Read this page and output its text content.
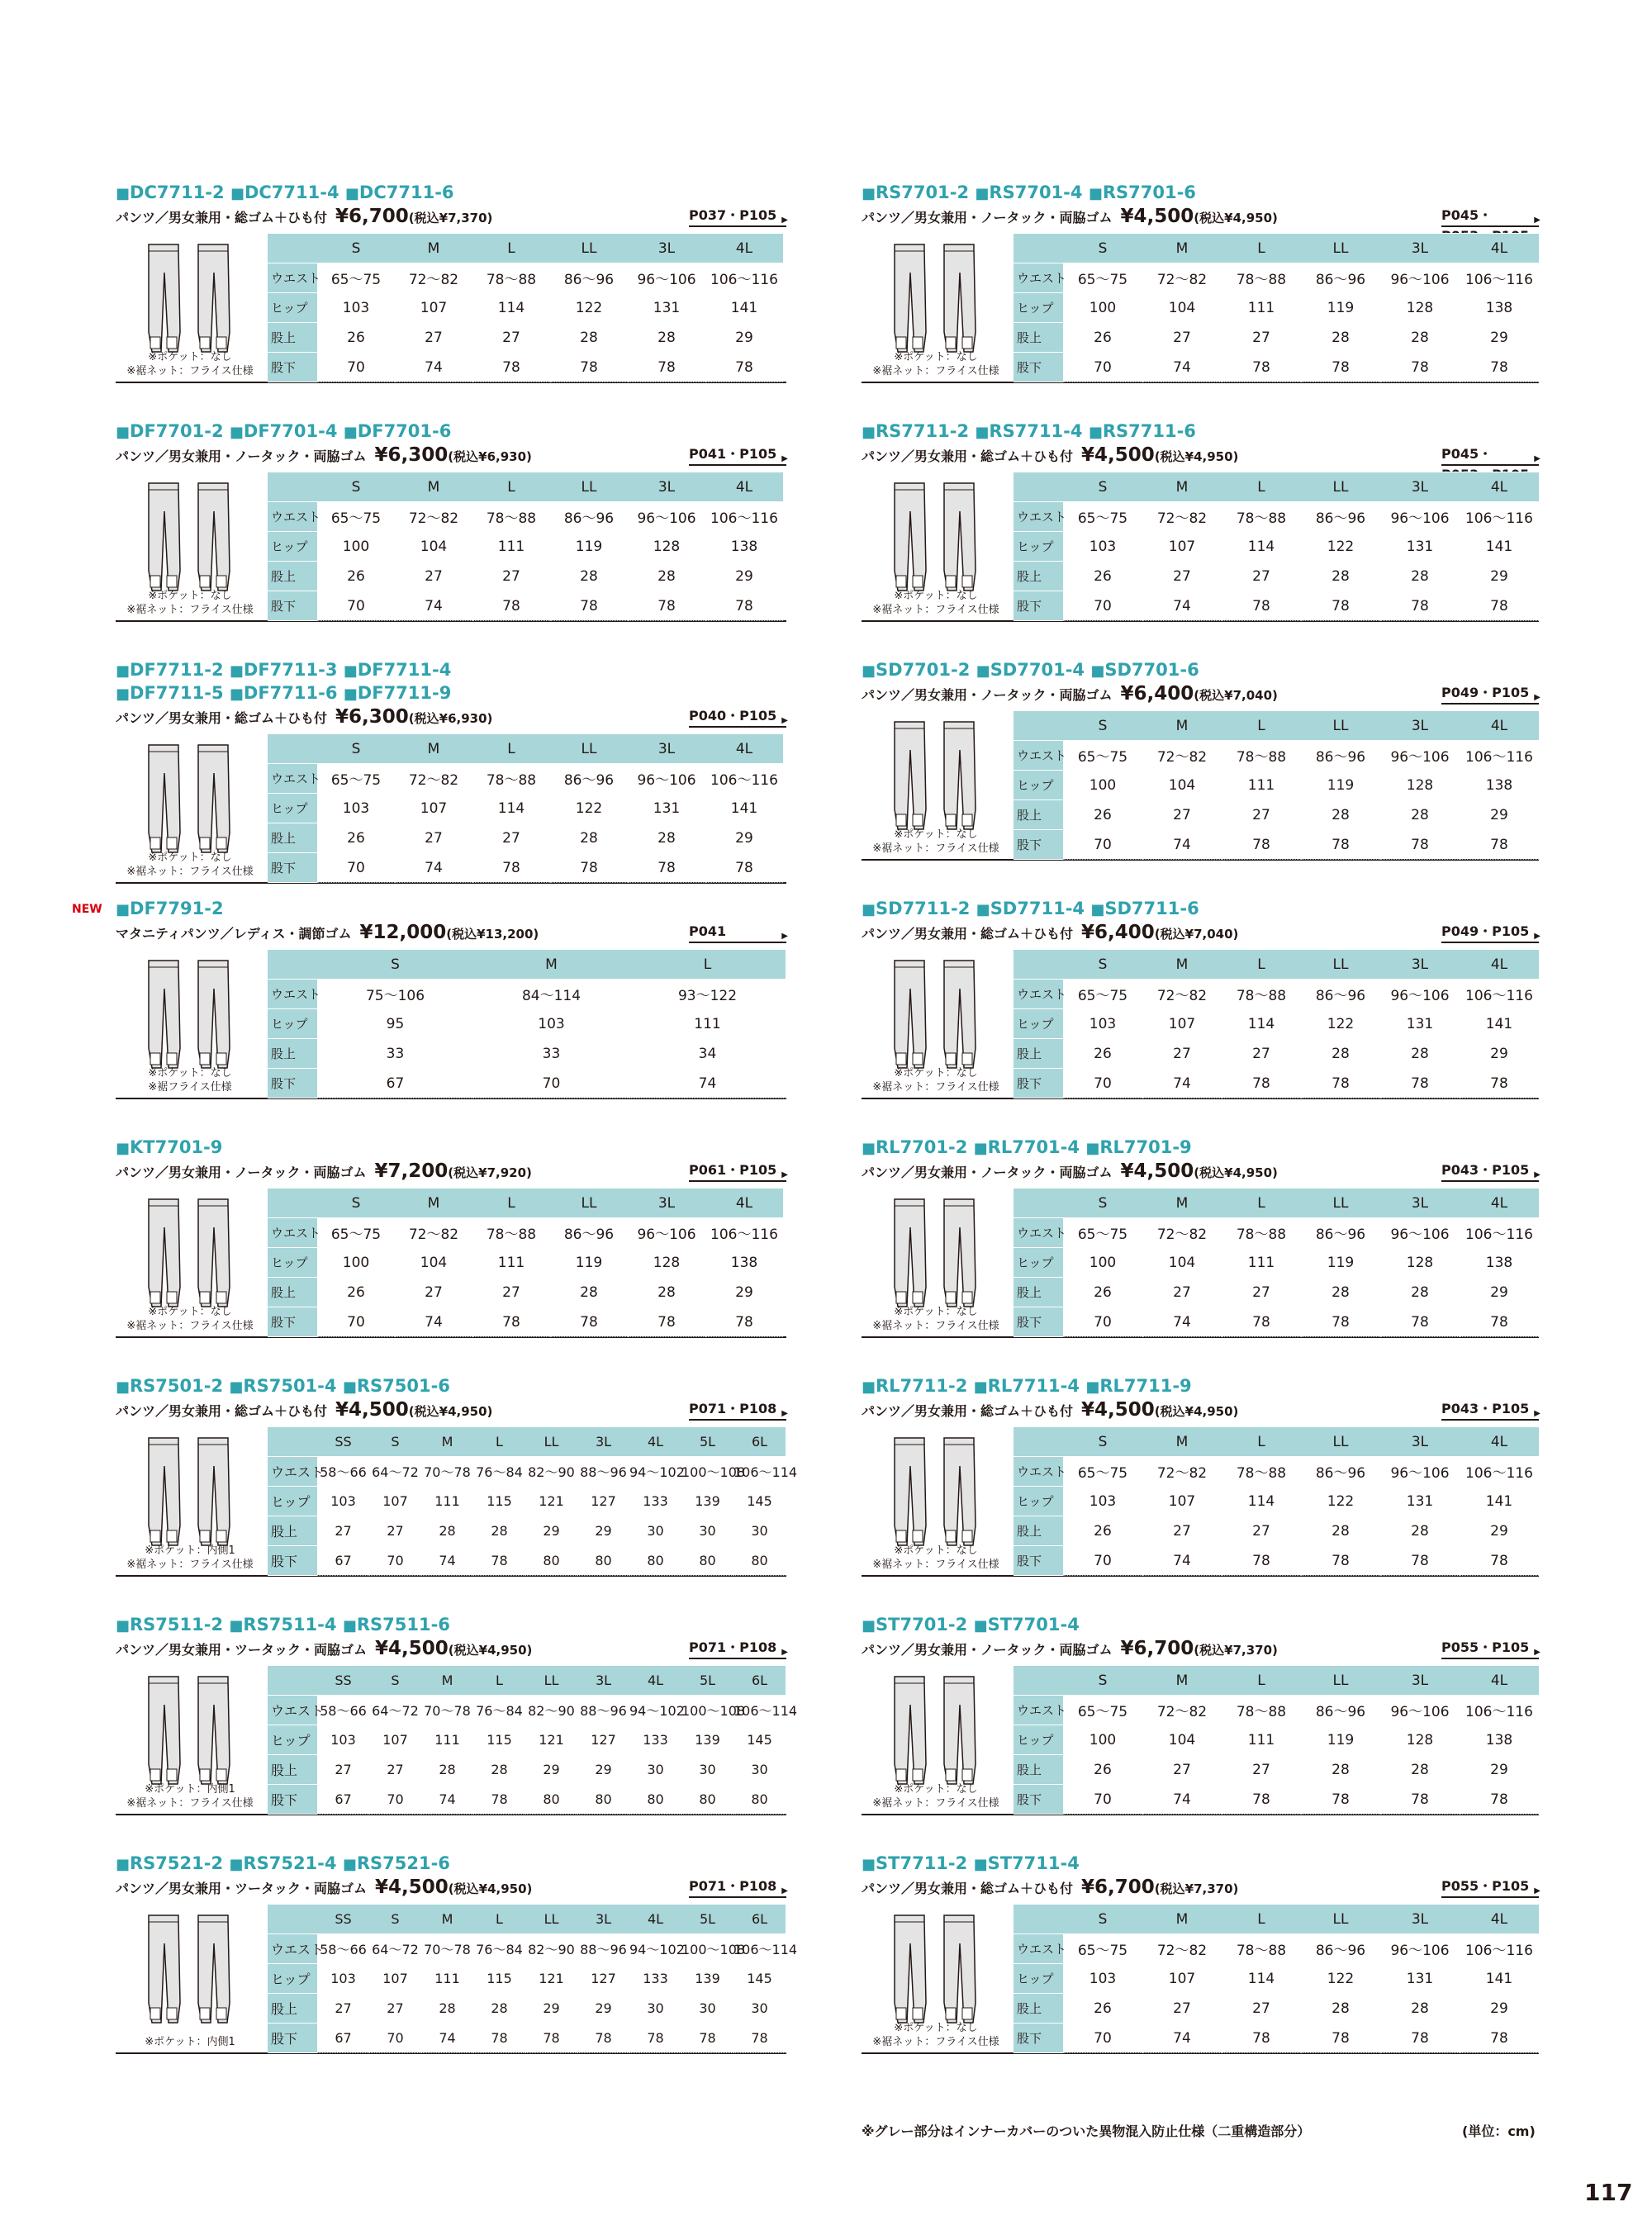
■DC7711-2 ■DC7711-4 ■DC7711-6
パンツ／男女兼用・総ゴム＋ひも付 ¥6,700(税込¥7,370)	P037・P105 ▶
※ポケット：なし
※裾ネット：フライス仕様
	S	M	L	LL	3L	4L
ウエスト	65～75	72～82	78～88	86～96	96～106	106～116
ヒップ	103	107	114	122	131	141
股上	26	27	27	28	28	29
股下	70	74	78	78	78	78
■DF7701-2 ■DF7701-4 ■DF7701-6
パンツ／男女兼用・ノータック・両脇ゴム ¥6,300(税込¥6,930)	P041・P105 ▶
※ポケット：なし
※裾ネット：フライス仕様
	S	M	L	LL	3L	4L
ウエスト	65～75	72～82	78～88	86～96	96～106	106～116
ヒップ	100	104	111	119	128	138
股上	26	27	27	28	28	29
股下	70	74	78	78	78	78
■DF7711-2 ■DF7711-3 ■DF7711-4
■DF7711-5 ■DF7711-6 ■DF7711-9
パンツ／男女兼用・総ゴム＋ひも付 ¥6,300(税込¥6,930)	P040・P105 ▶
※ポケット：なし
※裾ネット：フライス仕様
	S	M	L	LL	3L	4L
ウエスト	65～75	72～82	78～88	86～96	96～106	106～116
ヒップ	103	107	114	122	131	141
股上	26	27	27	28	28	29
股下	70	74	78	78	78	78
NEW ■DF7791-2
マタニティパンツ／レディス・調節ゴム ¥12,000(税込¥13,200)	P041	▶
※ポケット：なし
※裾フライス仕様
	S	M	L
ウエスト	75～106	84～114	93～122
ヒップ	95	103	111
股上	33	33	34
股下	67	70	74
■KT7701-9
パンツ／男女兼用・ノータック・両脇ゴム ¥7,200(税込¥7,920)	P061・P105 ▶
※ポケット：なし
※裾ネット：フライス仕様
	S	M	L	LL	3L	4L
ウエスト	65～75	72～82	78～88	86～96	96～106	106～116
ヒップ	100	104	111	119	128	138
股上	26	27	27	28	28	29
股下	70	74	78	78	78	78
■RS7501-2 ■RS7501-4 ■RS7501-6
パンツ／男女兼用・総ゴム＋ひも付 ¥4,500(税込¥4,950)	P071・P108 ▶
※ポケット：内側1
※裾ネット：フライス仕様
	SS	S	M	L	LL	3L	4L	5L	6L
ウエスト	58～66	64～72	70～78	76～84	82～90	88～96	94～102	100～108	106～114
ヒップ	103	107	111	115	121	127	133	139	145
股上	27	27	28	28	29	29	30	30	30
股下	67	70	74	78	80	80	80	80	80
■RS7511-2 ■RS7511-4 ■RS7511-6
パンツ／男女兼用・ツータック・両脇ゴム ¥4,500(税込¥4,950)	P071・P108 ▶
※ポケット：内側1
※裾ネット：フライス仕様
	SS	S	M	L	LL	3L	4L	5L	6L
ウエスト	58～66	64～72	70～78	76～84	82～90	88～96	94～102	100～108	106～114
ヒップ	103	107	111	115	121	127	133	139	145
股上	27	27	28	28	29	29	30	30	30
股下	67	70	74	78	80	80	80	80	80
■RS7521-2 ■RS7521-4 ■RS7521-6
パンツ／男女兼用・ツータック・両脇ゴム ¥4,500(税込¥4,950)	P071・P108 ▶
※ポケット：内側1
	SS	S	M	L	LL	3L	4L	5L	6L
ウエスト	58～66	64～72	70～78	76～84	82～90	88～96	94～102	100～108	106～114
ヒップ	103	107	111	115	121	127	133	139	145
股上	27	27	28	28	29	29	30	30	30
股下	67	70	74	78	78	78	78	78	78
■RS7701-2 ■RS7701-4 ■RS7701-6
パンツ／男女兼用・ノータック・両脇ゴム ¥4,500(税込¥4,950)	P045・	▶
※ポケット：なし
※裾ネット：フライス仕様
	S	M	L	LL	3L	4L
ウエスト	65～75	72～82	78～88	86～96	96～106	106～116
ヒップ	100	104	111	119	128	138
股上	26	27	27	28	28	29
股下	70	74	78	78	78	78
■RS7711-2 ■RS7711-4 ■RS7711-6
パンツ／男女兼用・総ゴム＋ひも付 ¥4,500(税込¥4,950)	P045・	▶
※ポケット：なし
※裾ネット：フライス仕様
	S	M	L	LL	3L	4L
ウエスト	65～75	72～82	78～88	86～96	96～106	106～116
ヒップ	103	107	114	122	131	141
股上	26	27	27	28	28	29
股下	70	74	78	78	78	78
■SD7701-2 ■SD7701-4 ■SD7701-6
パンツ／男女兼用・ノータック・両脇ゴム ¥6,400(税込¥7,040)	P049・P105 ▶
※ポケット：なし
※裾ネット：フライス仕様
	S	M	L	LL	3L	4L
ウエスト	65～75	72～82	78～88	86～96	96～106	106～116
ヒップ	100	104	111	119	128	138
股上	26	27	27	28	28	29
股下	70	74	78	78	78	78
■SD7711-2 ■SD7711-4 ■SD7711-6
パンツ／男女兼用・総ゴム＋ひも付 ¥6,400(税込¥7,040)	P049・P105 ▶
※ポケット：なし
※裾ネット：フライス仕様
	S	M	L	LL	3L	4L
ウエスト	65～75	72～82	78～88	86～96	96～106	106～116
ヒップ	103	107	114	122	131	141
股上	26	27	27	28	28	29
股下	70	74	78	78	78	78
■RL7701-2 ■RL7701-4 ■RL7701-9
パンツ／男女兼用・ノータック・両脇ゴム ¥4,500(税込¥4,950)	P043・P105 ▶
※ポケット：なし
※裾ネット：フライス仕様
	S	M	L	LL	3L	4L
ウエスト	65～75	72～82	78～88	86～96	96～106	106～116
ヒップ	100	104	111	119	128	138
股上	26	27	27	28	28	29
股下	70	74	78	78	78	78
■RL7711-2 ■RL7711-4 ■RL7711-9
パンツ／男女兼用・総ゴム＋ひも付 ¥4,500(税込¥4,950)	P043・P105 ▶
※ポケット：なし
※裾ネット：フライス仕様
	S	M	L	LL	3L	4L
ウエスト	65～75	72～82	78～88	86～96	96～106	106～116
ヒップ	103	107	114	122	131	141
股上	26	27	27	28	28	29
股下	70	74	78	78	78	78
■ST7701-2 ■ST7701-4
パンツ／男女兼用・ノータック・両脇ゴム ¥6,700(税込¥7,370)	P055・P105 ▶
※ポケット：なし
※裾ネット：フライス仕様
	S	M	L	LL	3L	4L
ウエスト	65～75	72～82	78～88	86～96	96～106	106～116
ヒップ	100	104	111	119	128	138
股上	26	27	27	28	28	29
股下	70	74	78	78	78	78
■ST7711-2 ■ST7711-4
パンツ／男女兼用・総ゴム＋ひも付 ¥6,700(税込¥7,370)	P055・P105 ▶
※ポケット：なし
※裾ネット：フライス仕様
	S	M	L	LL	3L	4L
ウエスト	65～75	72～82	78～88	86～96	96～106	106～116
ヒップ	103	107	114	122	131	141
股上	26	27	27	28	28	29
股下	70	74	78	78	78	78
※グレー部分はインナーカバーのついた異物混入防止仕様（二重構造部分）	(単位：cm)
117
